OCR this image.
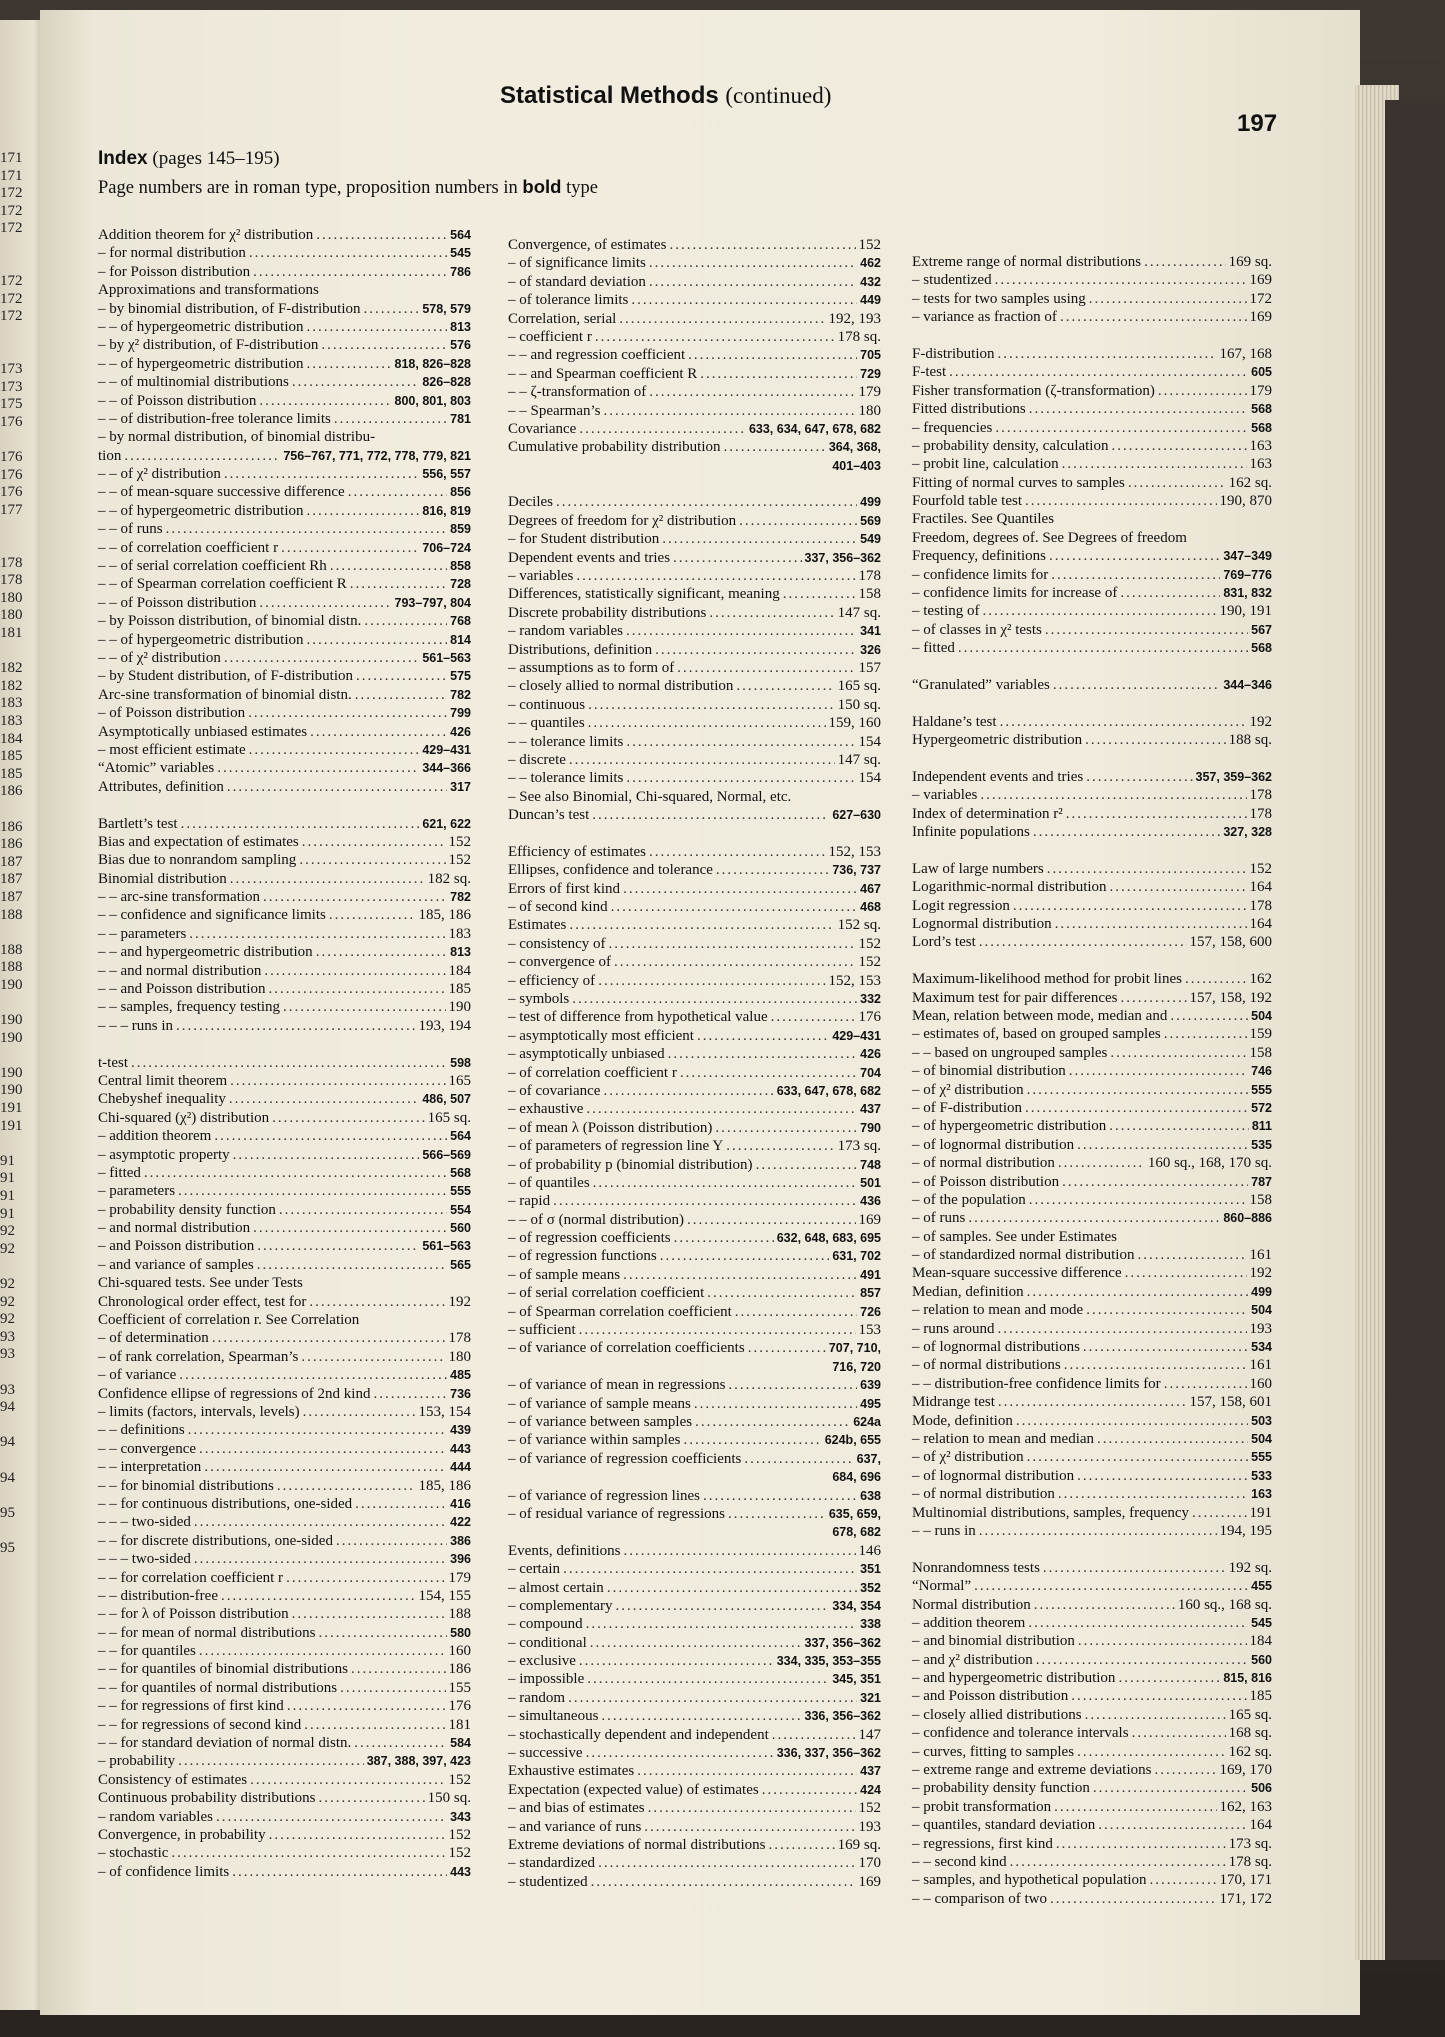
171
171
172
172
172
172
172
172
173
173
175
176
176
176
176
177
178
178
180
180
181
182
182
183
183
184
185
185
186
186
186
187
187
187
188
188
188
190
190
190
190
190
191
191
91
91
91
91
92
92
92
92
92
93
93
93
94
94
94
95
95
Statistical Methods (continued)
197
Index (pages 145–195)
Page numbers are in roman type, proposition numbers in bold type
Addition theorem for χ² distribution .....	564
– for normal distribution .....	545
– for Poisson distribution .....	786
Approximations and transformations
– by binomial distribution, of F-distribution .....	578, 579
– – of hypergeometric distribution .....	813
– by χ² distribution, of F-distribution .....	576
– – of hypergeometric distribution .....	818, 826–828
– – of multinomial distributions .....	826–828
– – of Poisson distribution .....	800, 801, 803
– – of distribution-free tolerance limits .....	781
– by normal distribution, of binomial distribu-
tion .....	756–767, 771, 772, 778, 779, 821
– – of χ² distribution .....	556, 557
– – of mean-square successive difference .....	856
– – of hypergeometric distribution .....	816, 819
– – of runs .....	859
– – of correlation coefficient r .....	706–724
– – of serial correlation coefficient Rh .....	858
– – of Spearman correlation coefficient R .....	728
– – of Poisson distribution .....	793–797, 804
– by Poisson distribution, of binomial distn. .....	768
– – of hypergeometric distribution .....	814
– – of χ² distribution .....	561–563
– by Student distribution, of F-distribution .....	575
Arc-sine transformation of binomial distn. .....	782
– of Poisson distribution .....	799
Asymptotically unbiased estimates .....	426
– most efficient estimate .....	429–431
“Atomic” variables .....	344–366
Attributes, definition .....	317
Bartlett’s test .....	621, 622
Bias and expectation of estimates .....	152
Bias due to nonrandom sampling .....	152
Binomial distribution .....	182 sq.
– – arc-sine transformation .....	782
– – confidence and significance limits .....	185, 186
– – parameters .....	183
– – and hypergeometric distribution .....	813
– – and normal distribution .....	184
– – and Poisson distribution .....	185
– – samples, frequency testing .....	190
– – – runs in .....	193, 194
t-test .....	598
Central limit theorem .....	165
Chebyshef inequality .....	486, 507
Chi-squared (χ²) distribution .....	165 sq.
– addition theorem .....	564
– asymptotic property .....	566–569
– fitted .....	568
– parameters .....	555
– probability density function .....	554
– and normal distribution .....	560
– and Poisson distribution .....	561–563
– and variance of samples .....	565
Chi-squared tests. See under Tests
Chronological order effect, test for .....	192
Coefficient of correlation r. See Correlation
– of determination .....	178
– of rank correlation, Spearman’s .....	180
– of variance .....	485
Confidence ellipse of regressions of 2nd kind .....	736
– limits (factors, intervals, levels) .....	153, 154
– – definitions .....	439
– – convergence .....	443
– – interpretation .....	444
– – for binomial distributions .....	185, 186
– – for continuous distributions, one-sided .....	416
– – – two-sided .....	422
– – for discrete distributions, one-sided .....	386
– – – two-sided .....	396
– – for correlation coefficient r .....	179
– – distribution-free .....	154, 155
– – for λ of Poisson distribution .....	188
– – for mean of normal distributions .....	580
– – for quantiles .....	160
– – for quantiles of binomial distributions .....	186
– – for quantiles of normal distributions .....	155
– – for regressions of first kind .....	176
– – for regressions of second kind .....	181
– – for standard deviation of normal distn. .....	584
– probability .....	387, 388, 397, 423
Consistency of estimates .....	152
Continuous probability distributions .....	150 sq.
– random variables .....	343
Convergence, in probability .....	152
– stochastic .....	152
– of confidence limits .....	443
Convergence, of estimates .....	152
– of significance limits .....	462
– of standard deviation .....	432
– of tolerance limits .....	449
Correlation, serial .....	192, 193
– coefficient r .....	178 sq.
– – and regression coefficient .....	705
– – and Spearman coefficient R .....	729
– – ζ-transformation of .....	179
– – Spearman’s .....	180
Covariance .....	633, 634, 647, 678, 682
Cumulative probability distribution .....	364, 368,
401–403
Deciles .....	499
Degrees of freedom for χ² distribution .....	569
– for Student distribution .....	549
Dependent events and tries .....	337, 356–362
– variables .....	178
Differences, statistically significant, meaning .....	158
Discrete probability distributions .....	147 sq.
– random variables .....	341
Distributions, definition .....	326
– assumptions as to form of .....	157
– closely allied to normal distribution .....	165 sq.
– continuous .....	150 sq.
– – quantiles .....	159, 160
– – tolerance limits .....	154
– discrete .....	147 sq.
– – tolerance limits .....	154
– See also Binomial, Chi-squared, Normal, etc.
Duncan’s test .....	627–630
Efficiency of estimates .....	152, 153
Ellipses, confidence and tolerance .....	736, 737
Errors of first kind .....	467
– of second kind .....	468
Estimates .....	152 sq.
– consistency of .....	152
– convergence of .....	152
– efficiency of .....	152, 153
– symbols .....	332
– test of difference from hypothetical value .....	176
– asymptotically most efficient .....	429–431
– asymptotically unbiased .....	426
– of correlation coefficient r .....	704
– of covariance .....	633, 647, 678, 682
– exhaustive .....	437
– of mean λ (Poisson distribution) .....	790
– of parameters of regression line Y .....	173 sq.
– of probability p (binomial distribution) .....	748
– of quantiles .....	501
– rapid .....	436
– – of σ (normal distribution) .....	169
– of regression coefficients .....	632, 648, 683, 695
– of regression functions .....	631, 702
– of sample means .....	491
– of serial correlation coefficient .....	857
– of Spearman correlation coefficient .....	726
– sufficient .....	153
– of variance of correlation coefficients .....	707, 710,
716, 720
– of variance of mean in regressions .....	639
– of variance of sample means .....	495
– of variance between samples .....	624a
– of variance within samples .....	624b, 655
– of variance of regression coefficients .....	637,
684, 696
– of variance of regression lines .....	638
– of residual variance of regressions .....	635, 659,
678, 682
Events, definitions .....	146
– certain .....	351
– almost certain .....	352
– complementary .....	334, 354
– compound .....	338
– conditional .....	337, 356–362
– exclusive .....	334, 335, 353–355
– impossible .....	345, 351
– random .....	321
– simultaneous .....	336, 356–362
– stochastically dependent and independent .....	147
– successive .....	336, 337, 356–362
Exhaustive estimates .....	437
Expectation (expected value) of estimates .....	424
– and bias of estimates .....	152
– and variance of runs .....	193
Extreme deviations of normal distributions .....	169 sq.
– standardized .....	170
– studentized .....	169
Extreme range of normal distributions .....	169 sq.
– studentized .....	169
– tests for two samples using .....	172
– variance as fraction of .....	169
F-distribution .....	167, 168
F-test .....	605
Fisher transformation (ζ-transformation) .....	179
Fitted distributions .....	568
– frequencies .....	568
– probability density, calculation .....	163
– probit line, calculation .....	163
Fitting of normal curves to samples .....	162 sq.
Fourfold table test .....	190, 870
Fractiles. See Quantiles
Freedom, degrees of. See Degrees of freedom
Frequency, definitions .....	347–349
– confidence limits for .....	769–776
– confidence limits for increase of .....	831, 832
– testing of .....	190, 191
– of classes in χ² tests .....	567
– fitted .....	568
“Granulated” variables .....	344–346
Haldane’s test .....	192
Hypergeometric distribution .....	188 sq.
Independent events and tries .....	357, 359–362
– variables .....	178
Index of determination r² .....	178
Infinite populations .....	327, 328
Law of large numbers .....	152
Logarithmic-normal distribution .....	164
Logit regression .....	178
Lognormal distribution .....	164
Lord’s test .....	157, 158, 600
Maximum-likelihood method for probit lines .....	162
Maximum test for pair differences .....	157, 158, 192
Mean, relation between mode, median and .....	504
– estimates of, based on grouped samples .....	159
– – based on ungrouped samples .....	158
– of binomial distribution .....	746
– of χ² distribution .....	555
– of F-distribution .....	572
– of hypergeometric distribution .....	811
– of lognormal distribution .....	535
– of normal distribution .....	160 sq., 168, 170 sq.
– of Poisson distribution .....	787
– of the population .....	158
– of runs .....	860–886
– of samples. See under Estimates
– of standardized normal distribution .....	161
Mean-square successive difference .....	192
Median, definition .....	499
– relation to mean and mode .....	504
– runs around .....	193
– of lognormal distributions .....	534
– of normal distributions .....	161
– – distribution-free confidence limits for .....	160
Midrange test .....	157, 158, 601
Mode, definition .....	503
– relation to mean and median .....	504
– of χ² distribution .....	555
– of lognormal distribution .....	533
– of normal distribution .....	163
Multinomial distributions, samples, frequency .....	191
– – runs in .....	194, 195
Nonrandomness tests .....	192 sq.
“Normal” .....	455
Normal distribution .....	160 sq., 168 sq.
– addition theorem .....	545
– and binomial distribution .....	184
– and χ² distribution .....	560
– and hypergeometric distribution .....	815, 816
– and Poisson distribution .....	185
– closely allied distributions .....	165 sq.
– confidence and tolerance intervals .....	168 sq.
– curves, fitting to samples .....	162 sq.
– extreme range and extreme deviations .....	169, 170
– probability density function .....	506
– probit transformation .....	162, 163
– quantiles, standard deviation .....	164
– regressions, first kind .....	173 sq.
– – second kind .....	178 sq.
– samples, and hypothetical population .....	170, 171
– – comparison of two .....	171, 172
